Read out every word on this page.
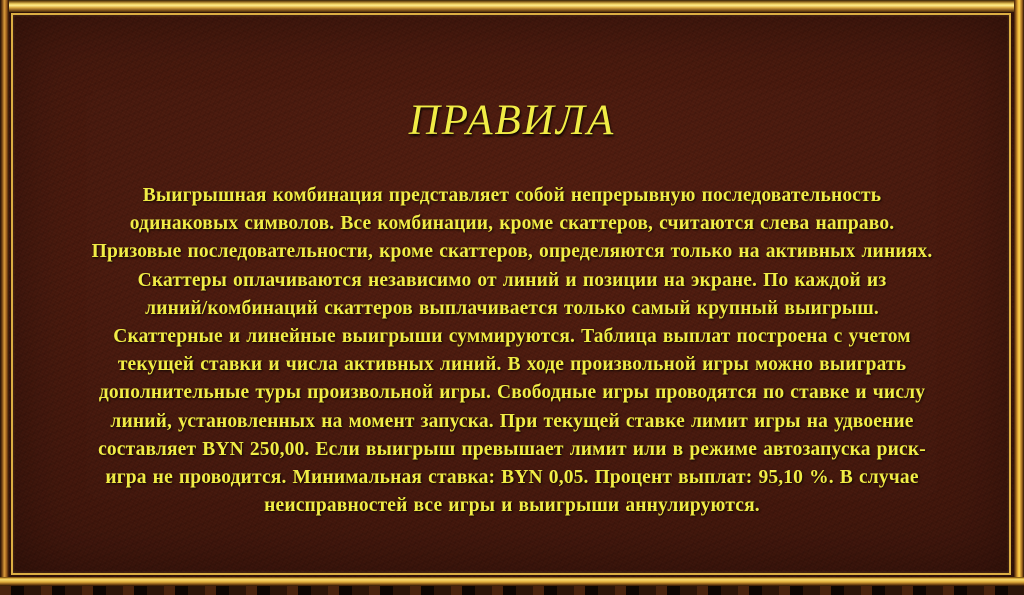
ПРАВИЛА
Выигрышная комбинация представляет собой непрерывную последовательность
одинаковых символов. Все комбинации, кроме скаттеров, считаются слева направо.
Призовые последовательности, кроме скаттеров, определяются только на активных линиях.
Скаттеры оплачиваются независимо от линий и позиции на экране. По каждой из
линий/комбинаций скаттеров выплачивается только самый крупный выигрыш.
Скаттерные и линейные выигрыши суммируются. Таблица выплат построена с учетом
текущей ставки и числа активных линий. В ходе произвольной игры можно выиграть
дополнительные туры произвольной игры. Свободные игры проводятся по ставке и числу
линий, установленных на момент запуска. При текущей ставке лимит игры на удвоение
составляет BYN 250,00. Если выигрыш превышает лимит или в режиме автозапуска риск-
игра не проводится. Минимальная ставка: BYN 0,05. Процент выплат: 95,10 %. В случае
неисправностей все игры и выигрыши аннулируются.
